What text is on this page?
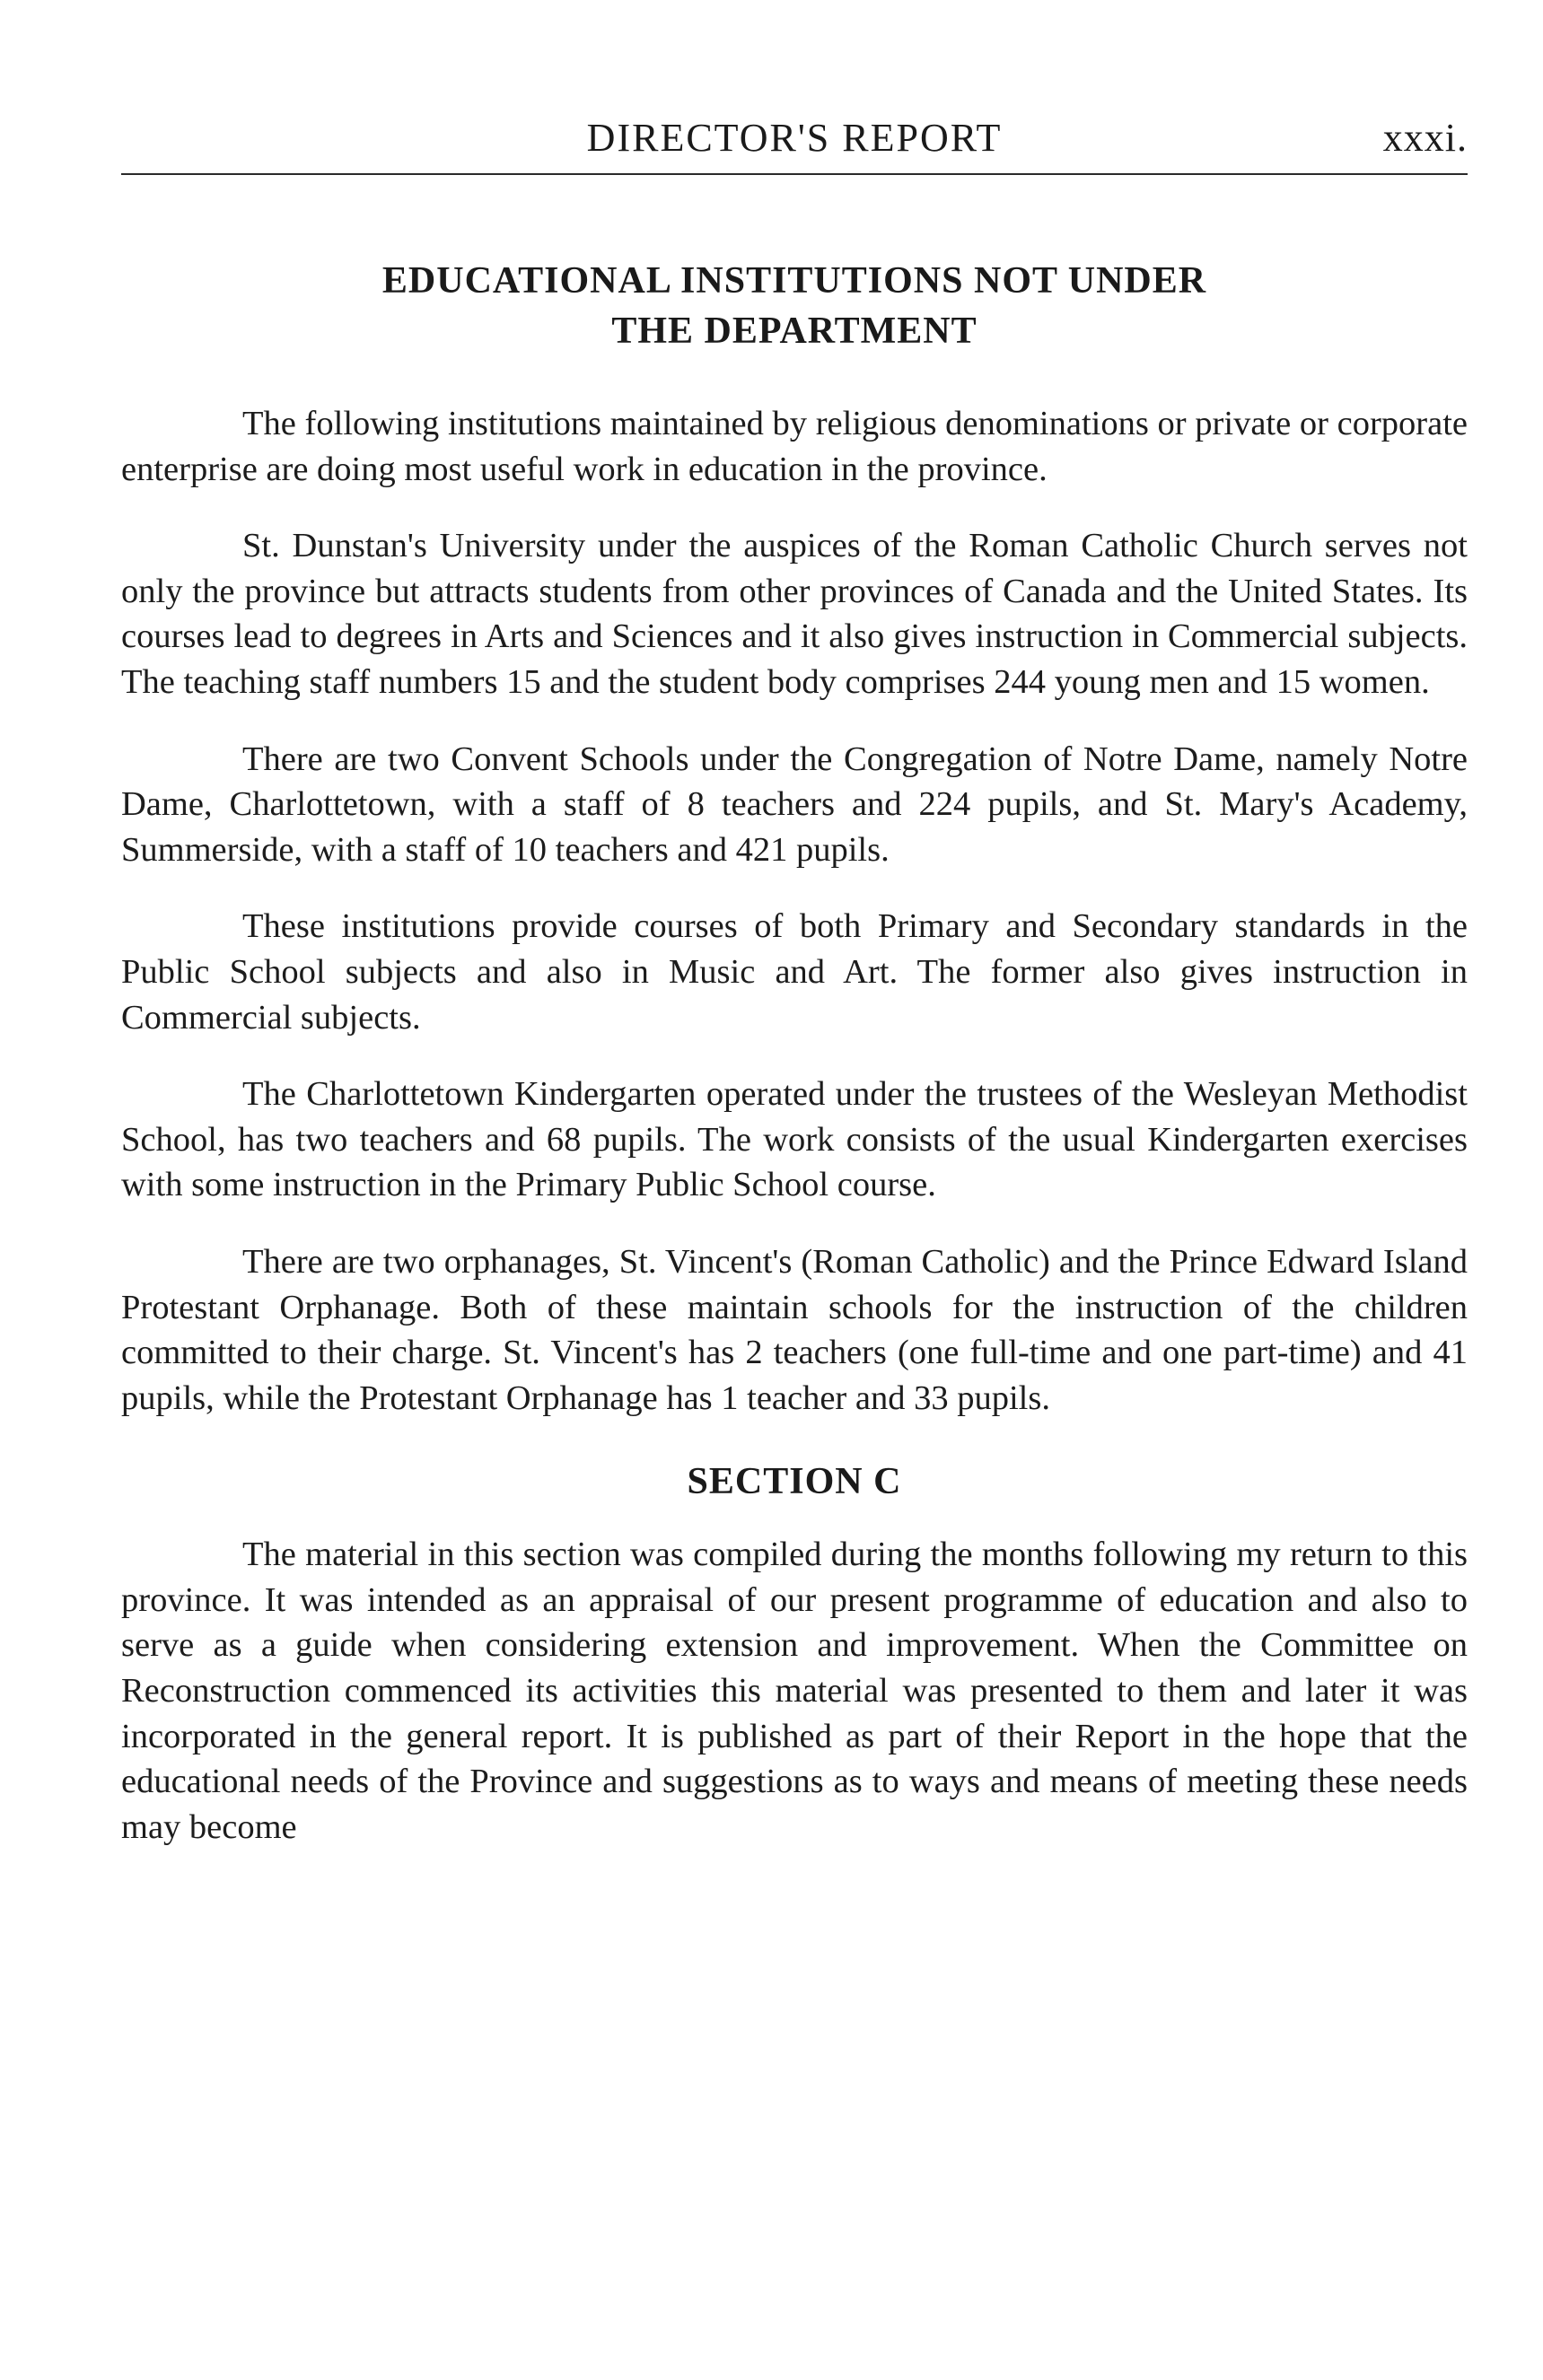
DIRECTOR'S REPORT	xxxi.
EDUCATIONAL INSTITUTIONS NOT UNDER
THE DEPARTMENT

The following institutions maintained by religious denominations or private or corporate enterprise are doing most useful work in education in the province.

St. Dunstan's University under the auspices of the Roman Catholic Church serves not only the province but attracts students from other provinces of Canada and the United States. Its courses lead to degrees in Arts and Sciences and it also gives instruction in Commercial subjects. The teaching staff numbers 15 and the student body comprises 244 young men and 15 women.

There are two Convent Schools under the Congregation of Notre Dame, namely Notre Dame, Charlottetown, with a staff of 8 teachers and 224 pupils, and St. Mary's Academy, Summerside, with a staff of 10 teachers and 421 pupils.

These institutions provide courses of both Primary and Secondary standards in the Public School subjects and also in Music and Art. The former also gives instruction in Commercial subjects.

The Charlottetown Kindergarten operated under the trustees of the Wesleyan Methodist School, has two teachers and 68 pupils. The work consists of the usual Kindergarten exercises with some instruction in the Primary Public School course.

There are two orphanages, St. Vincent's (Roman Catholic) and the Prince Edward Island Protestant Orphanage. Both of these maintain schools for the instruction of the children committed to their charge. St. Vincent's has 2 teachers (one full-time and one part-time) and 41 pupils, while the Protestant Orphanage has 1 teacher and 33 pupils.

SECTION C

The material in this section was compiled during the months following my return to this province. It was intended as an appraisal of our present programme of education and also to serve as a guide when considering extension and improvement. When the Committee on Reconstruction commenced its activities this material was presented to them and later it was incorporated in the general report. It is published as part of their Report in the hope that the educational needs of the Province and suggestions as to ways and means of meeting these needs may become
